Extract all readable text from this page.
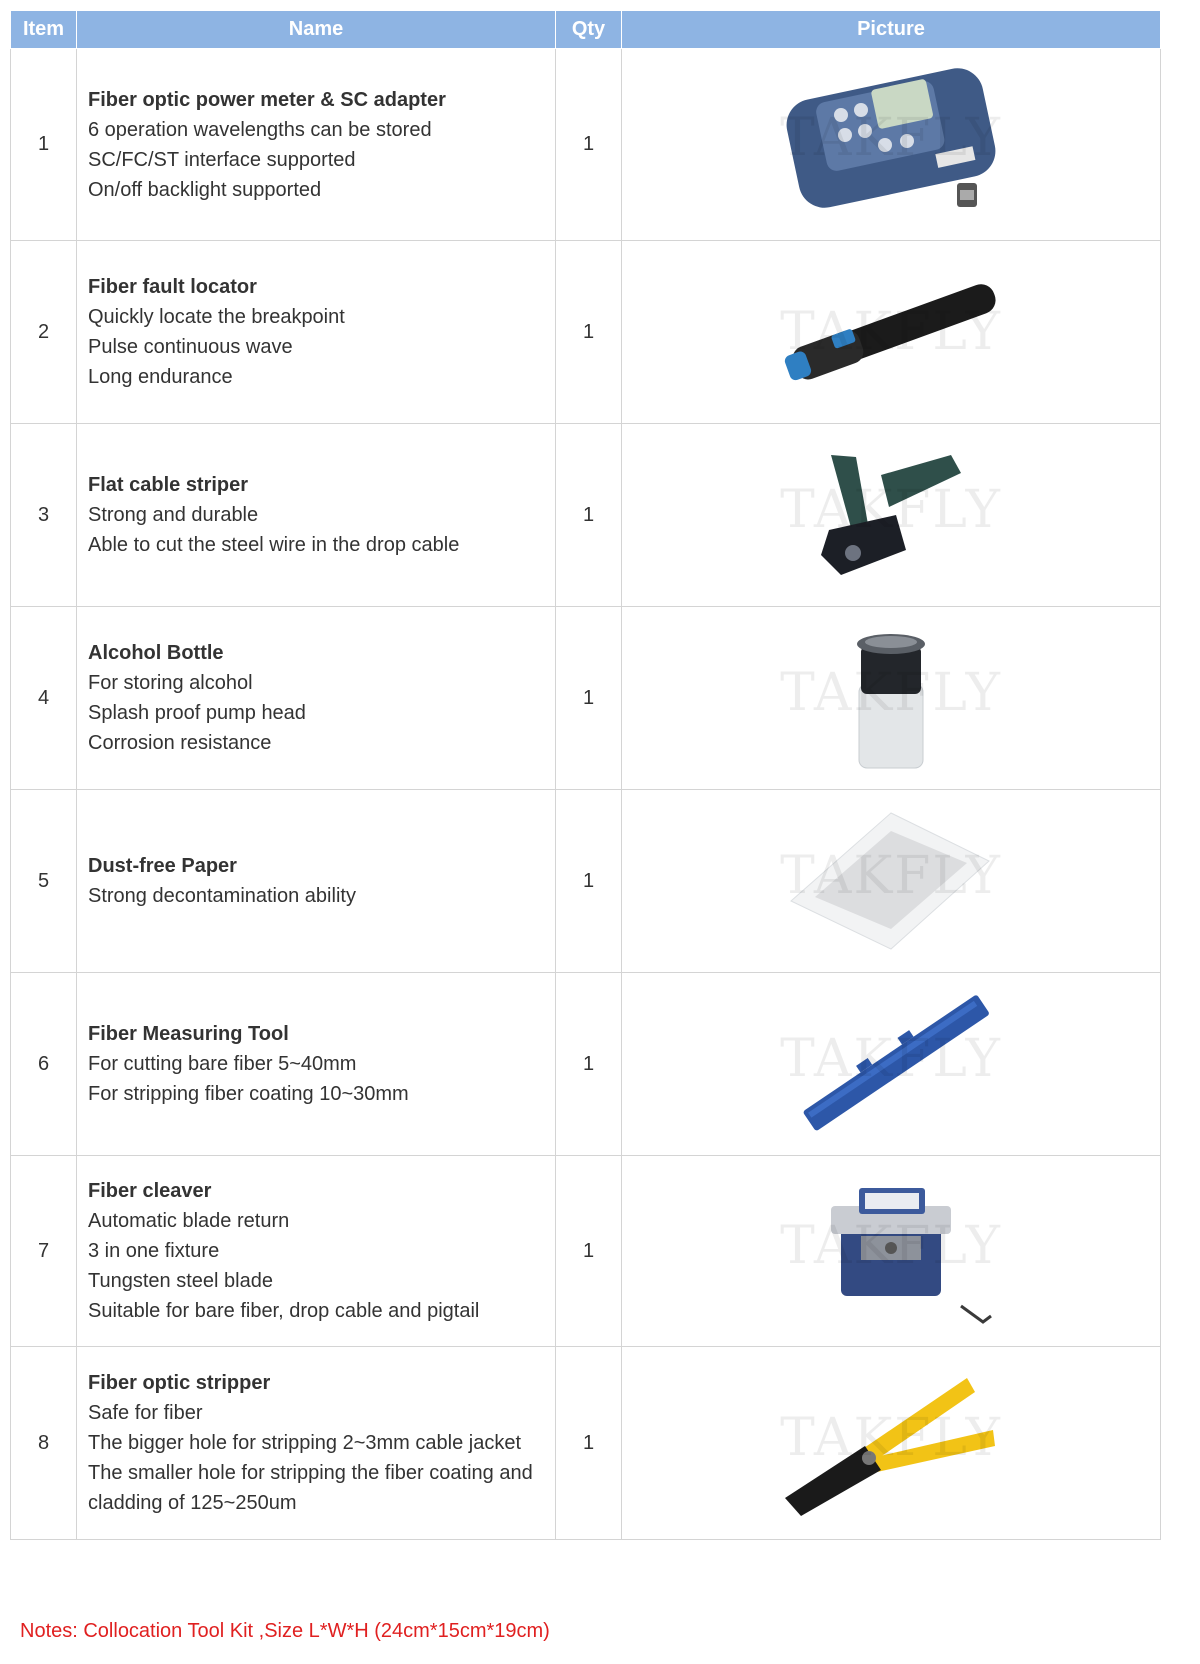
Item	Name	Qty	Picture
1	Fiber optic power meter & SC adapter
6 operation wavelengths can be stored
SC/FC/ST interface supported
On/off backlight supported	1	TAKFLY

2	Fiber fault locator
Quickly locate the breakpoint
Pulse continuous wave
Long endurance	1	TAKFLY

3	Flat cable striper
Strong and durable
Able to cut the steel wire in the drop cable	1	TAKFLY

4	Alcohol Bottle
For storing alcohol
Splash proof pump head
Corrosion resistance	1	TAKFLY

5	Dust-free Paper
Strong decontamination ability	1	TAKFLY

6	Fiber Measuring Tool
For cutting bare fiber 5~40mm
For stripping fiber coating 10~30mm	1	TAKFLY

7	Fiber cleaver
Automatic blade return
3 in one fixture
Tungsten steel blade
Suitable for bare fiber, drop cable and pigtail	1	TAKFLY

8	Fiber optic stripper
Safe for fiber
The bigger hole for stripping 2~3mm cable jacket
The smaller hole for stripping the fiber coating and cladding of 125~250um	1	TAKFLY
Notes: Collocation Tool Kit ,Size L*W*H (24cm*15cm*19cm)
